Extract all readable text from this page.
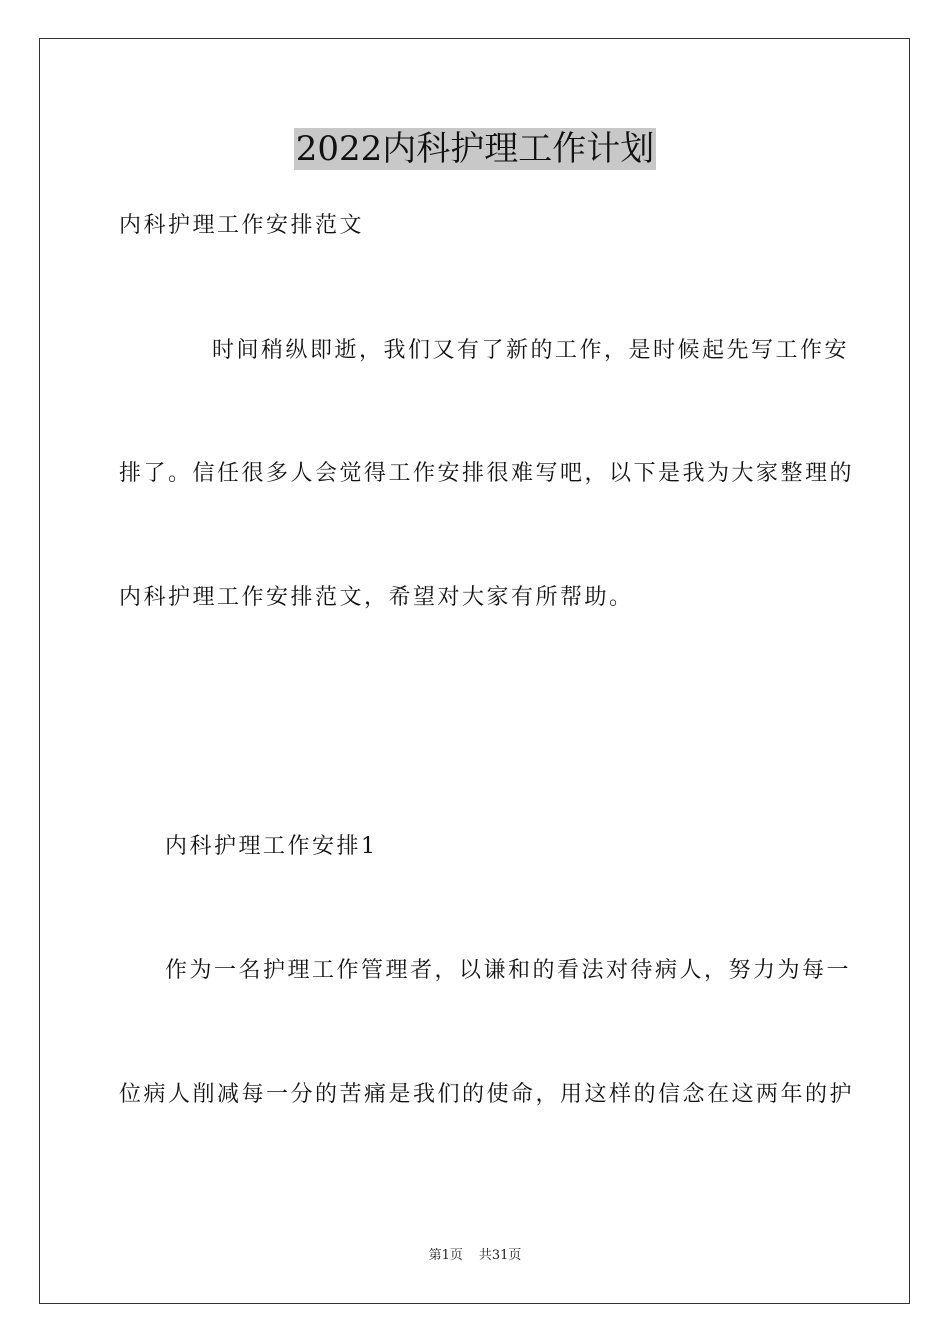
2022内科护理工作计划
内科护理工作安排范文
时间稍纵即逝，我们又有了新的工作，是时候起先写工作安
排了。信任很多人会觉得工作安排很难写吧，以下是我为大家整理的
内科护理工作安排范文，希望对大家有所帮助。
内科护理工作安排1
作为一名护理工作管理者，以谦和的看法对待病人，努力为每一
位病人削减每一分的苦痛是我们的使命，用这样的信念在这两年的护
第1页 共31页
